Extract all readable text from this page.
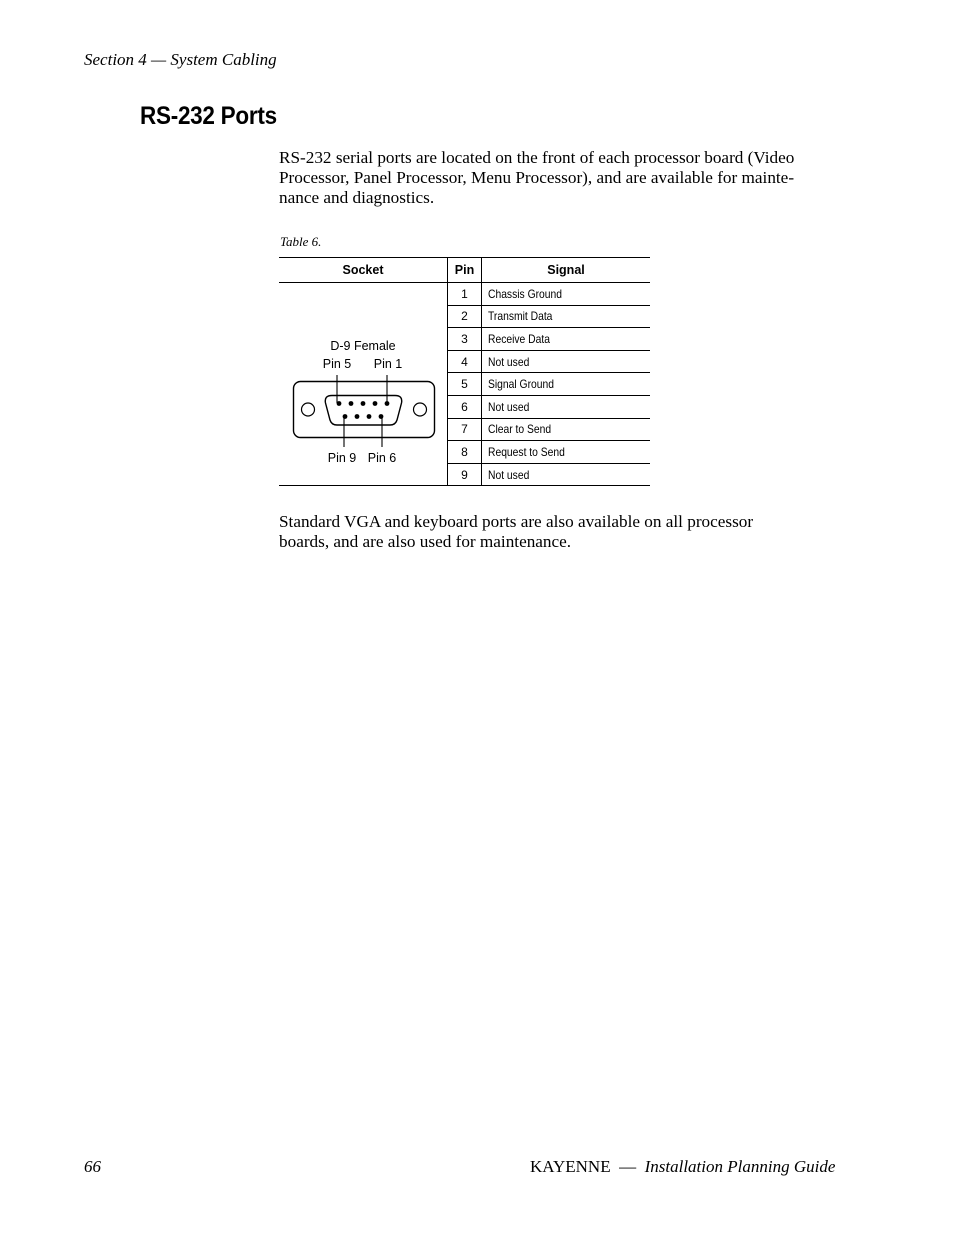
Section 4 — System Cabling
RS-232 Ports

RS-232 serial ports are located on the front of each processor board (Video
Processor, Panel Processor, Menu Processor), and are available for mainte-
nance and diagnostics.

Table 6.
Socket	Pin	Signal

D-9 Female
Pin 5 Pin 1
Pin 9 Pin 6	1	Chassis Ground
	2	Transmit Data
	3	Receive Data
	4	Not used
	5	Signal Ground
	6	Not used
	7	Clear to Send
	8	Request to Send
	9	Not used

Standard VGA and keyboard ports are also available on all processor
boards, and are also used for maintenance.

66	KAYENNE — Installation Planning Guide
